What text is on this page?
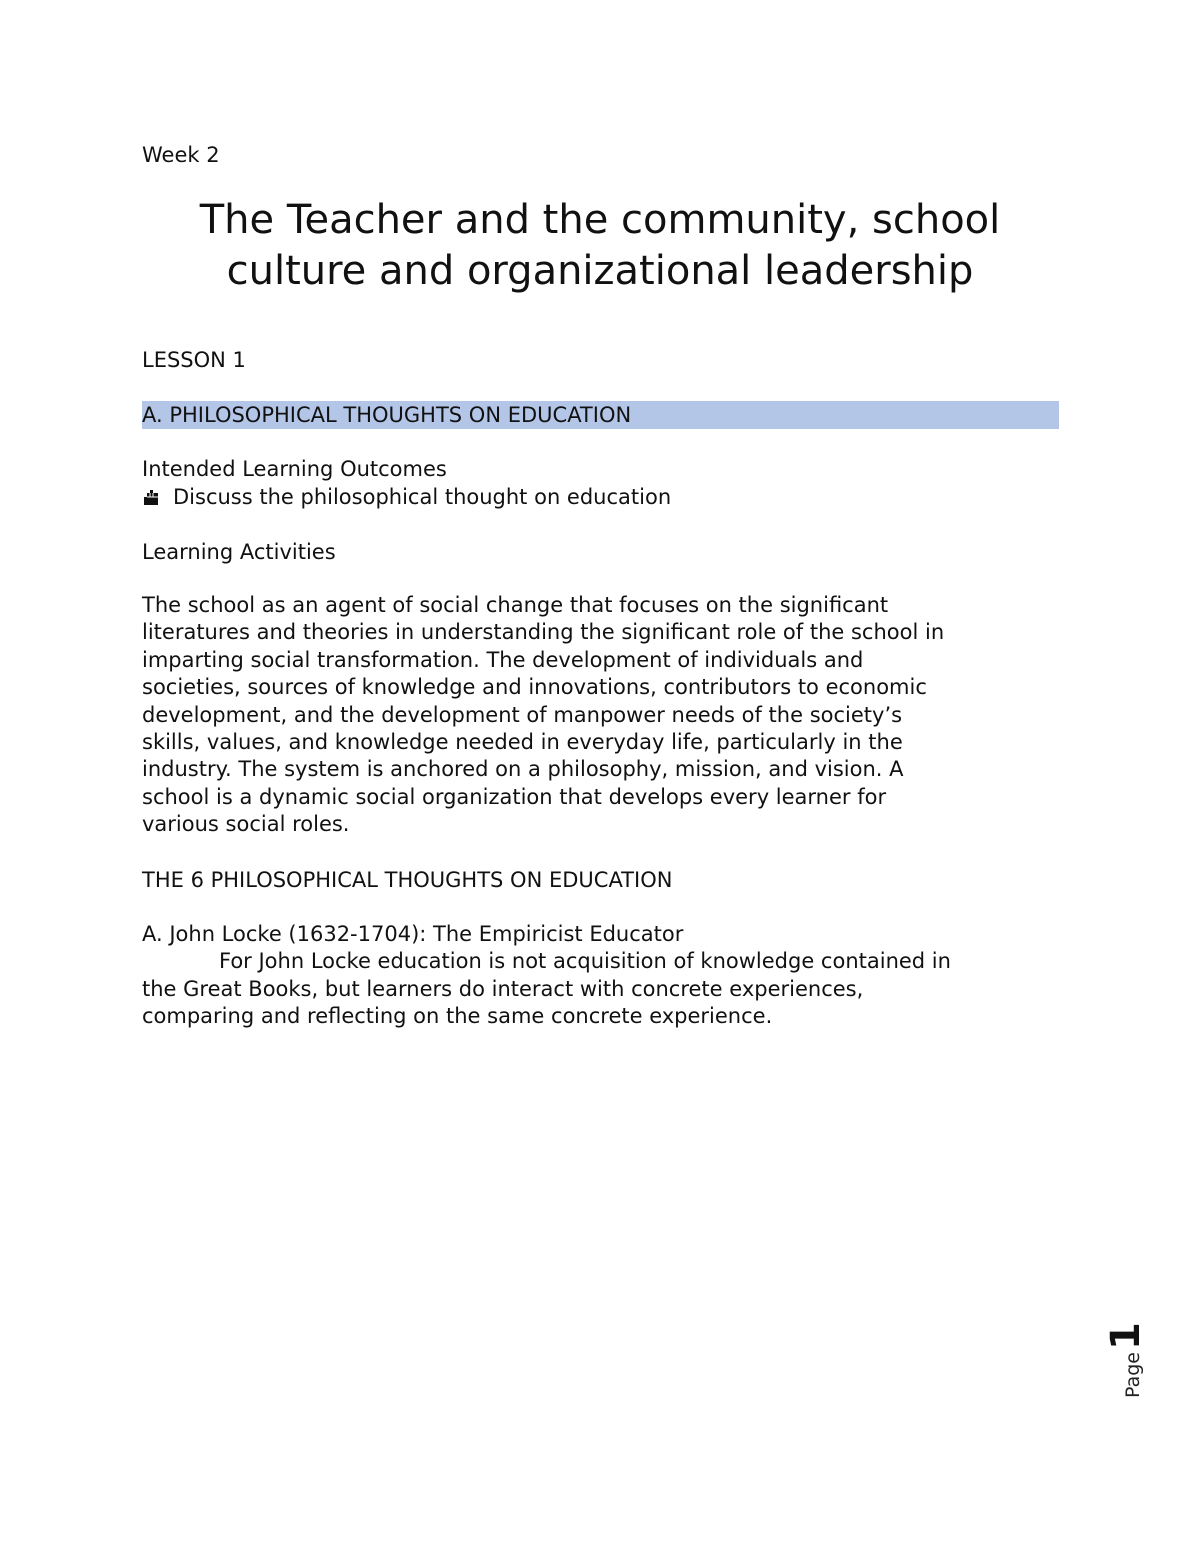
Week 2
The Teacher and the community, school
culture and organizational leadership
LESSON 1
A. PHILOSOPHICAL THOUGHTS ON EDUCATION
Intended Learning Outcomes
Discuss the philosophical thought on education
Learning Activities
The school as an agent of social change that focuses on the significant
literatures and theories in understanding the significant role of the school in
imparting social transformation. The development of individuals and
societies, sources of knowledge and innovations, contributors to economic
development, and the development of manpower needs of the society’s
skills, values, and knowledge needed in everyday life, particularly in the
industry. The system is anchored on a philosophy, mission, and vision. A
school is a dynamic social organization that develops every learner for
various social roles.
THE 6 PHILOSOPHICAL THOUGHTS ON EDUCATION
A. John Locke (1632-1704): The Empiricist Educator
For John Locke education is not acquisition of knowledge contained in
the Great Books, but learners do interact with concrete experiences,
comparing and reflecting on the same concrete experience.
Page
1
